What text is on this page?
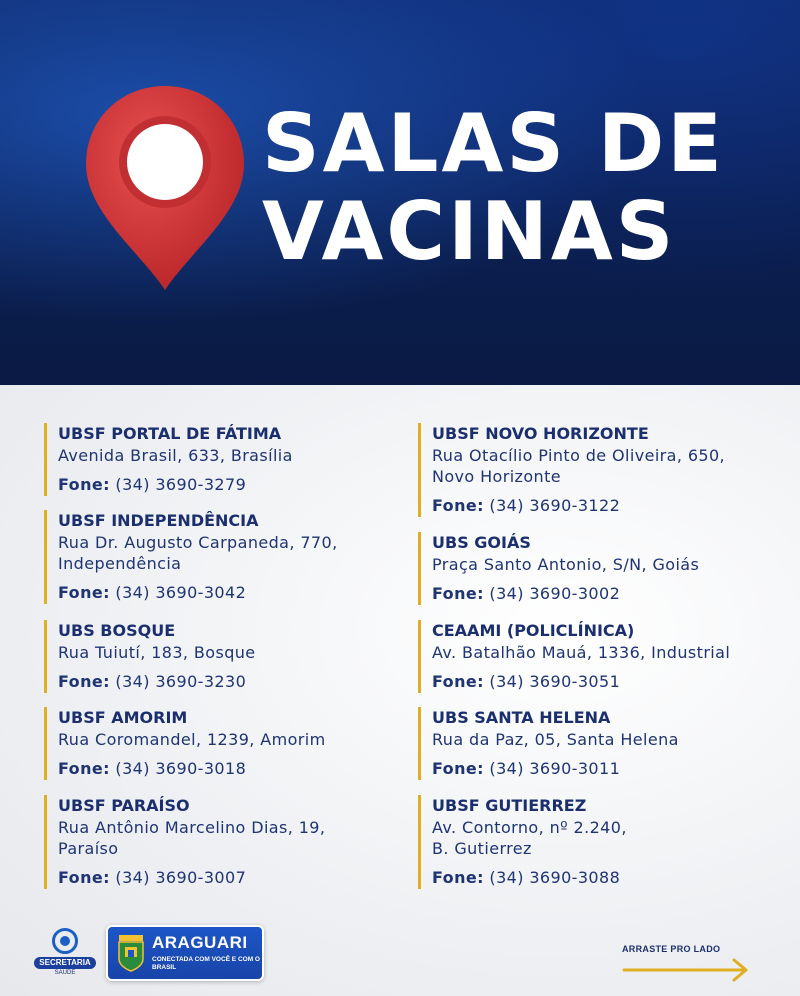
SALAS DE
VACINAS
UBSF PORTAL DE FÁTIMA
Avenida Brasil, 633, Brasília
Fone: (34) 3690-3279
UBSF INDEPENDÊNCIA
Rua Dr. Augusto Carpaneda, 770,
Independência
Fone: (34) 3690-3042
UBS BOSQUE
Rua Tuiutí, 183, Bosque
Fone: (34) 3690-3230
UBSF AMORIM
Rua Coromandel, 1239, Amorim
Fone: (34) 3690-3018
UBSF PARAÍSO
Rua Antônio Marcelino Dias, 19,
Paraíso
Fone: (34) 3690-3007
UBSF NOVO HORIZONTE
Rua Otacílio Pinto de Oliveira, 650,
Novo Horizonte
Fone: (34) 3690-3122
UBS GOIÁS
Praça Santo Antonio, S/N, Goiás
Fone: (34) 3690-3002
CEAAMI (POLICLÍNICA)
Av. Batalhão Mauá, 1336, Industrial
Fone: (34) 3690-3051
UBS SANTA HELENA
Rua da Paz, 05, Santa Helena
Fone: (34) 3690-3011
UBSF GUTIERREZ
Av. Contorno, nº 2.240,
B. Gutierrez
Fone: (34) 3690-3088
SECRETARIA
SAÚDE
ARAGUARI
CONECTADA COM VOCÊ E COM O BRASIL
ARRASTE PRO LADO
